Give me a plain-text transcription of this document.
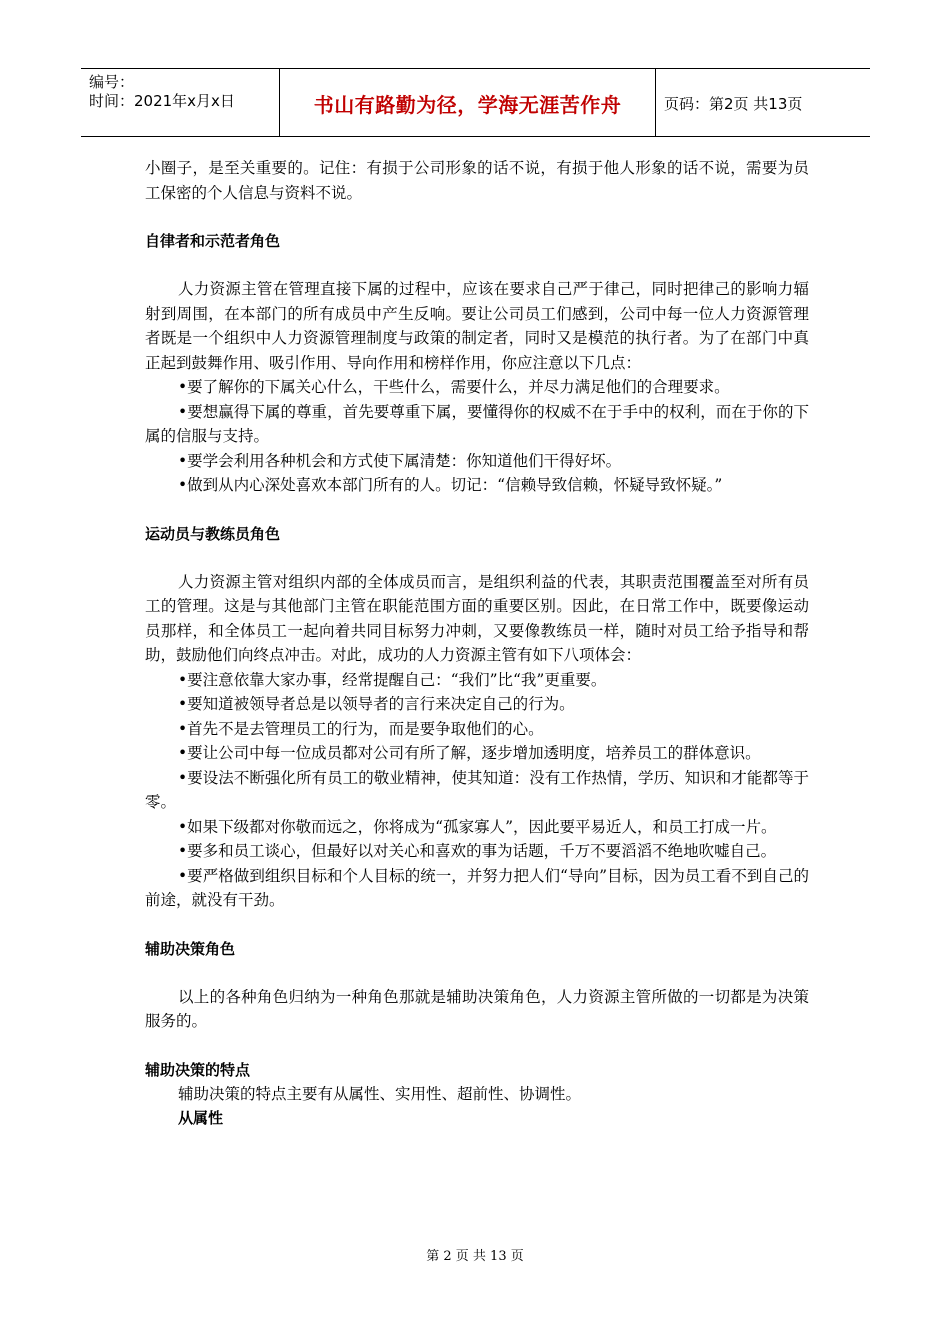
编号：
时间：2021年x月x日	书山有路勤为径，学海无涯苦作舟	页码：第2页 共13页

小圈子，是至关重要的。记住：有损于公司形象的话不说，有损于他人形象的话不说，需要为员工保密的个人信息与资料不说。

自律者和示范者角色

人力资源主管在管理直接下属的过程中，应该在要求自己严于律己，同时把律己的影响力辐射到周围，在本部门的所有成员中产生反响。要让公司员工们感到，公司中每一位人力资源管理者既是一个组织中人力资源管理制度与政策的制定者，同时又是模范的执行者。为了在部门中真正起到鼓舞作用、吸引作用、导向作用和榜样作用，你应注意以下几点：

•要了解你的下属关心什么，干些什么，需要什么，并尽力满足他们的合理要求。

•要想赢得下属的尊重，首先要尊重下属，要懂得你的权威不在于手中的权利，而在于你的下属的信服与支持。

•要学会利用各种机会和方式使下属清楚：你知道他们干得好坏。

•做到从内心深处喜欢本部门所有的人。切记：“信赖导致信赖，怀疑导致怀疑。”

运动员与教练员角色

人力资源主管对组织内部的全体成员而言，是组织利益的代表，其职责范围覆盖至对所有员工的管理。这是与其他部门主管在职能范围方面的重要区别。因此，在日常工作中，既要像运动员那样，和全体员工一起向着共同目标努力冲刺，又要像教练员一样，随时对员工给予指导和帮助，鼓励他们向终点冲击。对此，成功的人力资源主管有如下八项体会：

•要注意依靠大家办事，经常提醒自己：“我们”比“我”更重要。

•要知道被领导者总是以领导者的言行来决定自己的行为。

•首先不是去管理员工的行为，而是要争取他们的心。

•要让公司中每一位成员都对公司有所了解，逐步增加透明度，培养员工的群体意识。

•要设法不断强化所有员工的敬业精神，使其知道：没有工作热情，学历、知识和才能都等于零。

•如果下级都对你敬而远之，你将成为“孤家寡人”，因此要平易近人，和员工打成一片。

•要多和员工谈心，但最好以对关心和喜欢的事为话题，千万不要滔滔不绝地吹嘘自己。

•要严格做到组织目标和个人目标的统一，并努力把人们“导向”目标，因为员工看不到自己的前途，就没有干劲。

辅助决策角色

以上的各种角色归纳为一种角色那就是辅助决策角色，人力资源主管所做的一切都是为决策服务的。

辅助决策的特点

辅助决策的特点主要有从属性、实用性、超前性、协调性。

从属性
第 2 页 共 13 页
